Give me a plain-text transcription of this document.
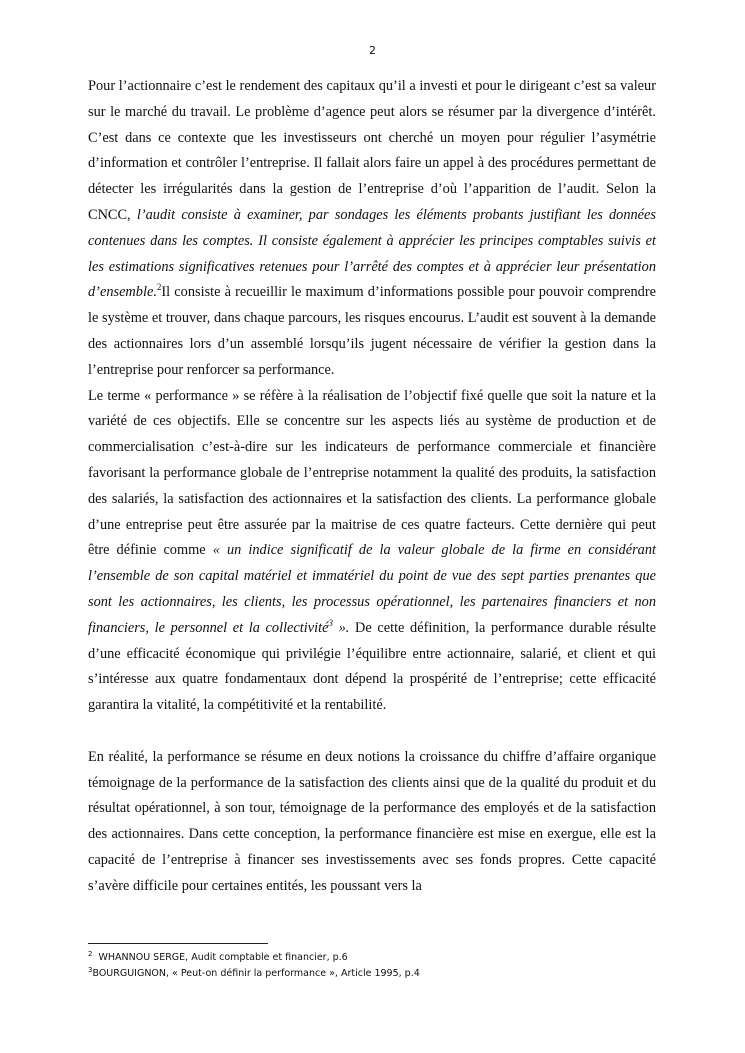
2

Pour l’actionnaire c’est le rendement des capitaux qu’il a investi et pour le dirigeant c’est sa valeur sur le marché du travail. Le problème d’agence peut alors se résumer par la divergence d’intérêt. C’est dans ce contexte que les investisseurs ont cherché un moyen pour régulier l’asymétrie d’information et contrôler l’entreprise. Il fallait alors faire un appel à des procédures permettant de détecter les irrégularités dans la gestion de l’entreprise d’où l’apparition de l’audit. Selon la CNCC, l’audit consiste à examiner, par sondages les éléments probants justifiant les données contenues dans les comptes. Il consiste également à apprécier les principes comptables suivis et les estimations significatives retenues pour l’arrêté des comptes et à apprécier leur présentation d’ensemble.$^2$Il consiste à recueillir le maximum d’informations possible pour pouvoir comprendre le système et trouver, dans chaque parcours, les risques encourus. L’audit est souvent à la demande des actionnaires lors d’un assemblé lorsqu’ils jugent nécessaire de vérifier la gestion dans la l’entreprise pour renforcer sa performance.

Le terme « performance » se réfère à la réalisation de l’objectif fixé quelle que soit la nature et la variété de ces objectifs. Elle se concentre sur les aspects liés au système de production et de commercialisation c’est-à-dire sur les indicateurs de performance commerciale et financière favorisant la performance globale de l’entreprise notamment la qualité des produits, la satisfaction des salariés, la satisfaction des actionnaires et la satisfaction des clients. La performance globale d’une entreprise peut être assurée par la maitrise de ces quatre facteurs. Cette dernière qui peut être définie comme « un indice significatif de la valeur globale de la firme en considérant l’ensemble de son capital matériel et immatériel du point de vue des sept parties prenantes que sont les actionnaires, les clients, les processus opérationnel, les partenaires financiers et non financiers, le personnel et la collectivité$^3$ ». De cette définition, la performance durable résulte d’une efficacité économique qui privilégie l’équilibre entre actionnaire, salarié, et client et qui s’intéresse aux quatre fondamentaux dont dépend la prospérité de l’entreprise; cette efficacité garantira la vitalité, la compétitivité et la rentabilité.

En réalité, la performance se résume en deux notions la croissance du chiffre d’affaire organique témoignage de la performance de la satisfaction des clients ainsi que de la qualité du produit et du résultat opérationnel, à son tour, témoignage de la performance des employés et de la satisfaction des actionnaires. Dans cette conception, la performance financière est mise en exergue, elle est la capacité de l’entreprise à financer ses investissements avec ses fonds propres. Cette capacité s’avère difficile pour certaines entités, les poussant vers la

$^2$ WHANNOU SERGE, Audit comptable et financier, p.6
$^3$BOURGUIGNON, « Peut-on définir la performance », Article 1995, p.4
